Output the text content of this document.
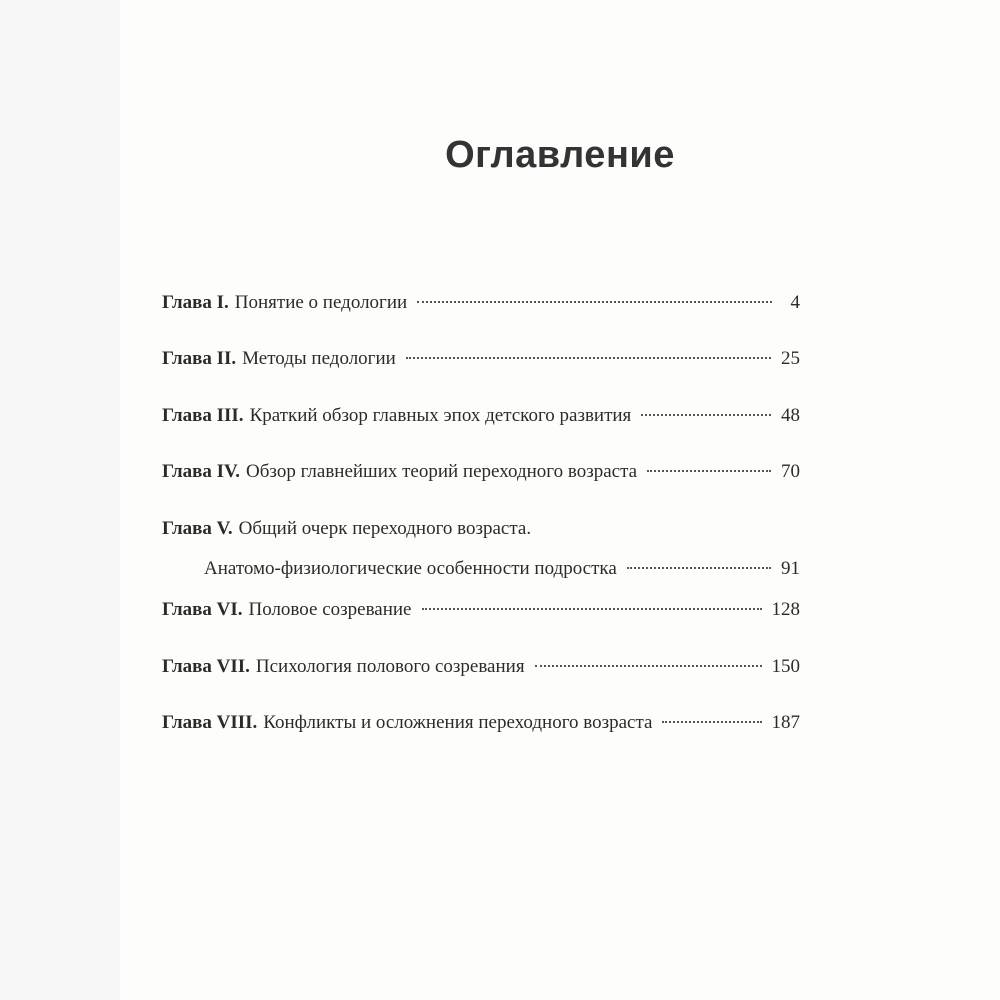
Оглавление
Глава I. Понятие о педологии	4
Глава II. Методы педологии	25
Глава III. Краткий обзор главных эпох детского развития	48
Глава IV. Обзор главнейших теорий переходного возраста	70
Глава V. Общий очерк переходного возраста.
Анатомо-физиологические особенности подростка	91
Глава VI. Половое созревание	128
Глава VII. Психология полового созревания	150
Глава VIII. Конфликты и осложнения переходного возраста	187
